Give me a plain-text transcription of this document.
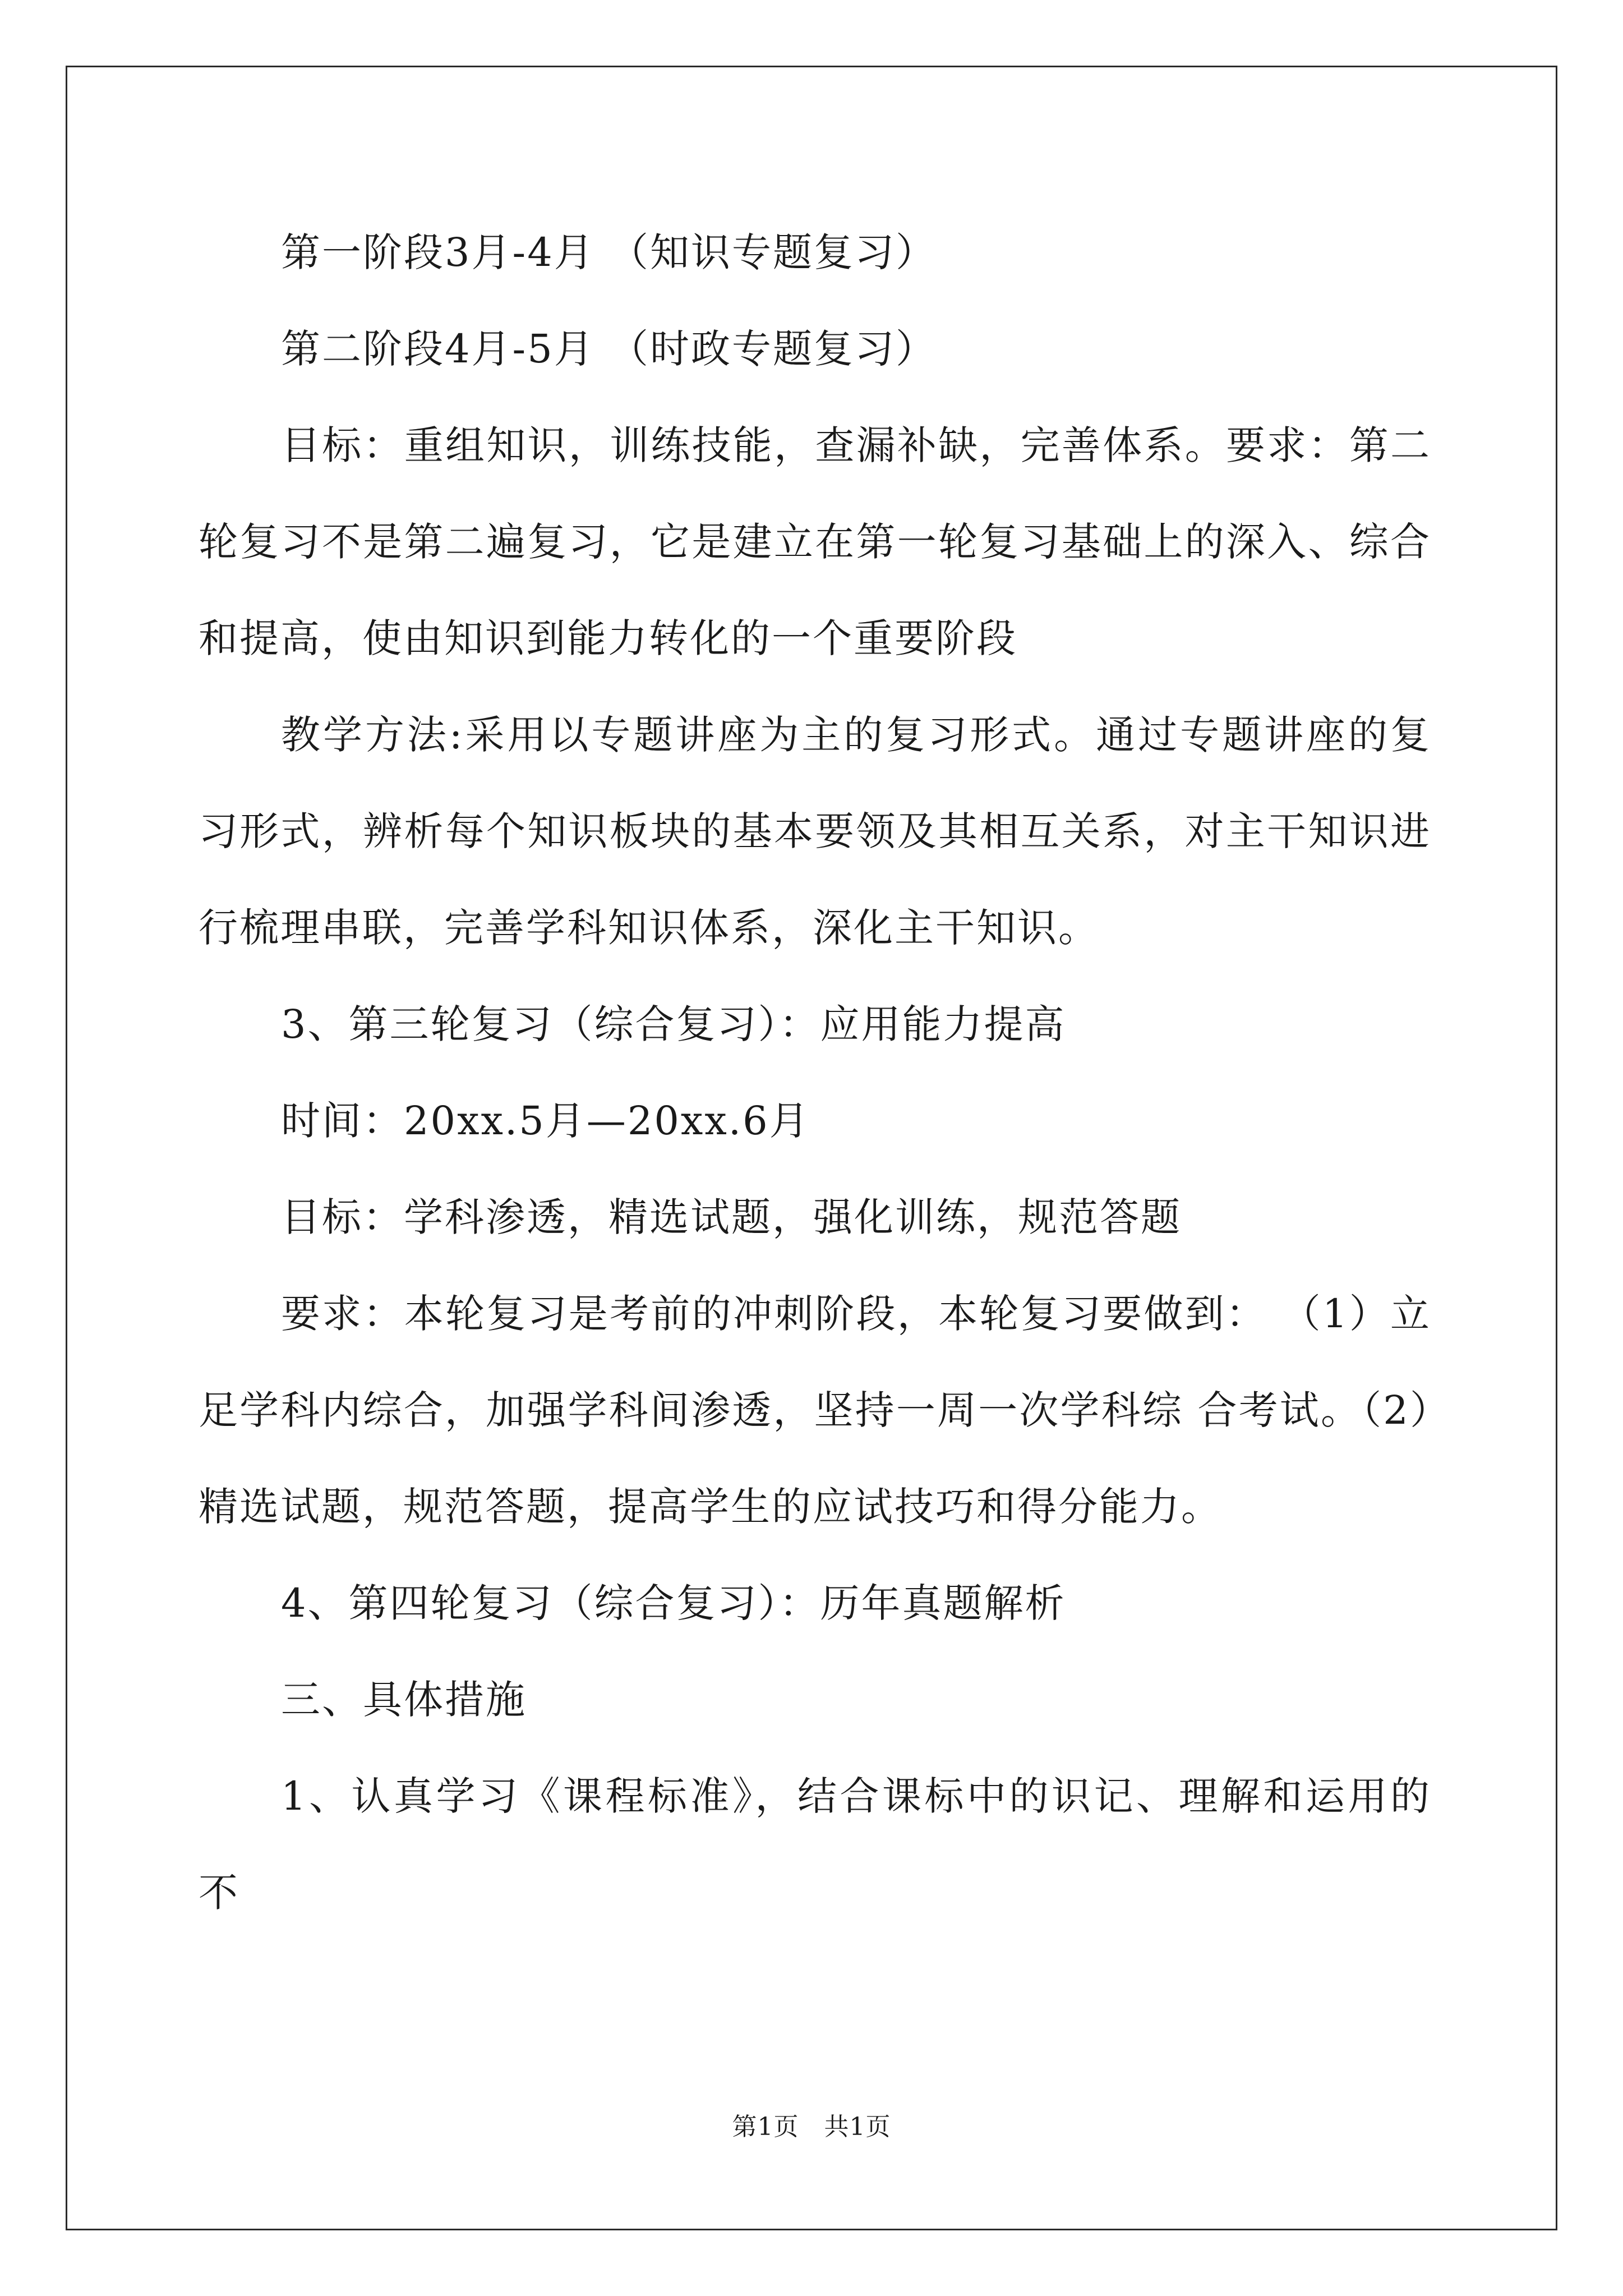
第一阶段3月-4月 （知识专题复习）

第二阶段4月-5月 （时政专题复习）

目标：重组知识，训练技能，查漏补缺，完善体系。要求：第二轮复习不是第二遍复习，它是建立在第一轮复习基础上的深入、综合和提高，使由知识到能力转化的一个重要阶段

教学方法:采用以专题讲座为主的复习形式。通过专题讲座的复习形式，辨析每个知识板块的基本要领及其相互关系，对主干知识进行梳理串联，完善学科知识体系，深化主干知识。

3、第三轮复习（综合复习）：应用能力提高

时间：20xx.5月—20xx.6月

目标：学科渗透，精选试题，强化训练，规范答题

要求：本轮复习是考前的冲刺阶段，本轮复习要做到： （1）立足学科内综合，加强学科间渗透，坚持一周一次学科综 合考试。（2）精选试题，规范答题，提高学生的应试技巧和得分能力。

4、第四轮复习（综合复习）：历年真题解析

三、具体措施

1、认真学习《课程标准》，结合课标中的识记、理解和运用的不

第1页　共1页
